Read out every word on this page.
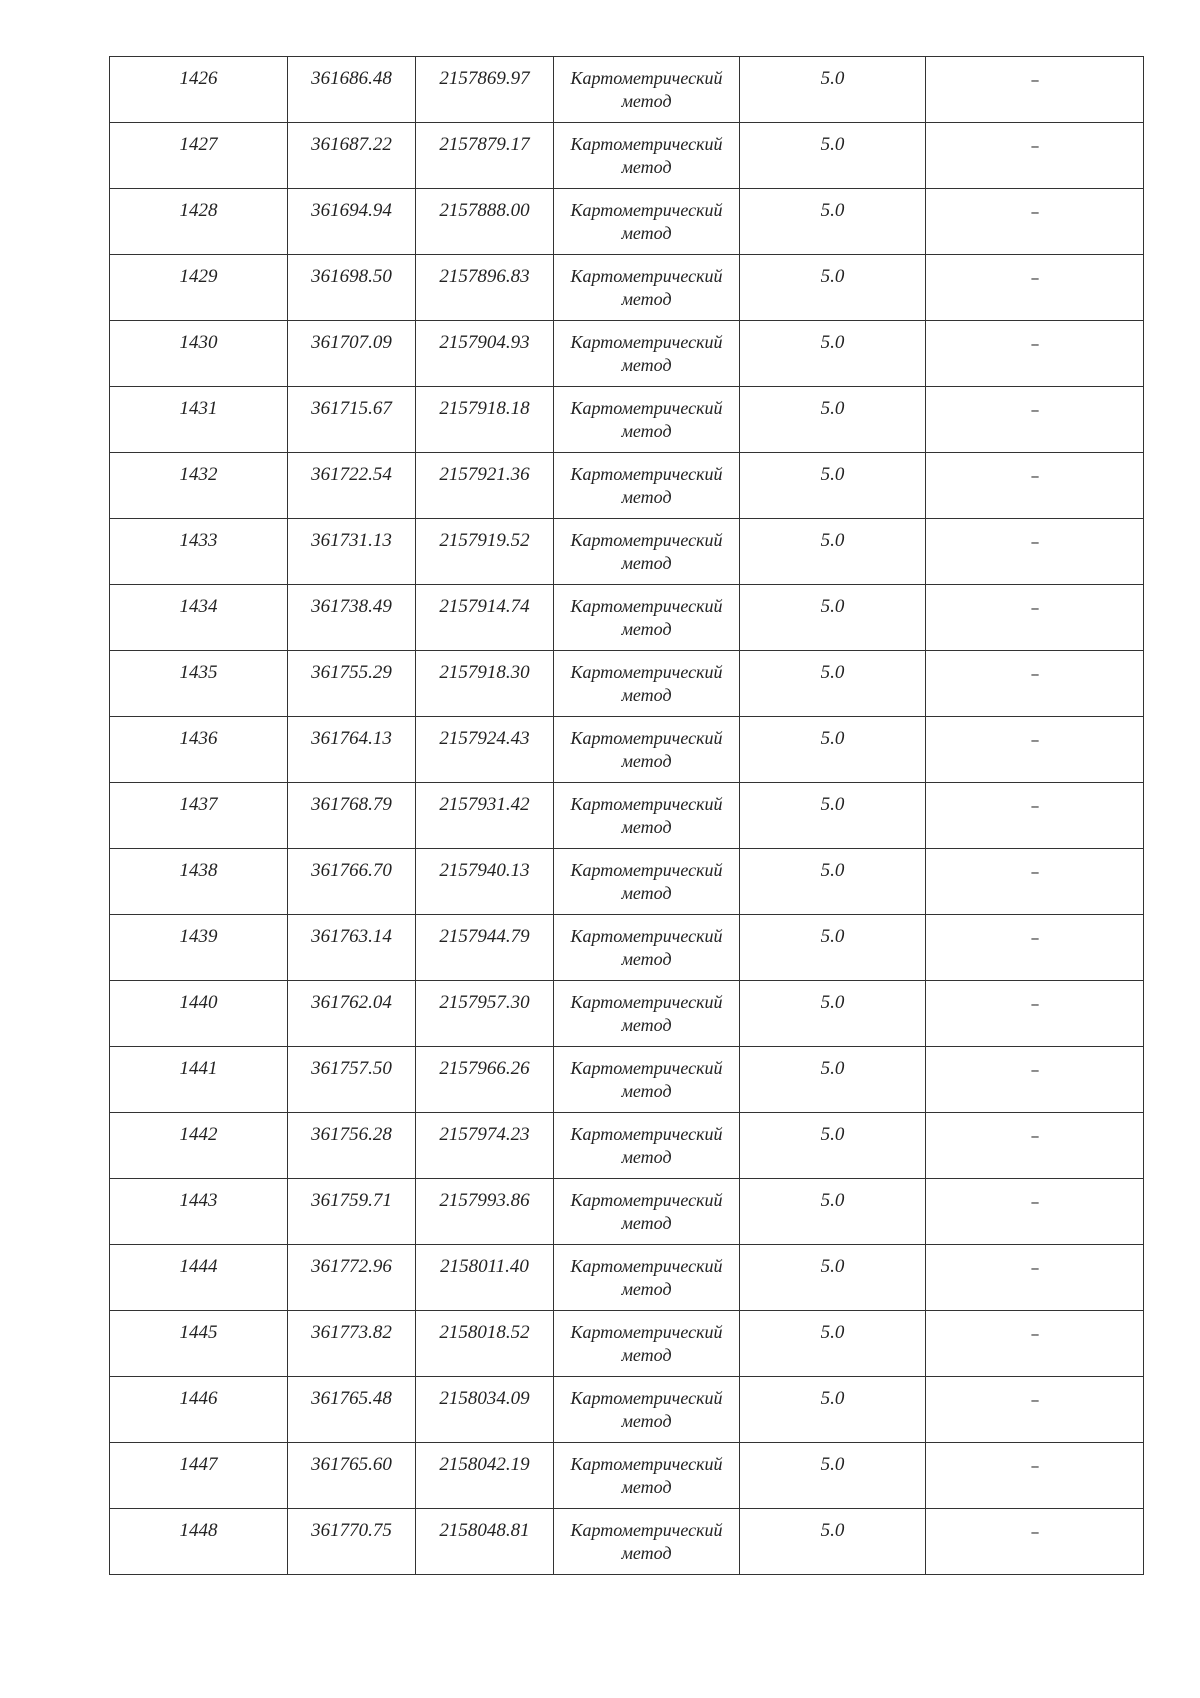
1426	361686.48	2157869.97	Картометрический
метод	5.0	--
1427	361687.22	2157879.17	Картометрический
метод	5.0	--
1428	361694.94	2157888.00	Картометрический
метод	5.0	--
1429	361698.50	2157896.83	Картометрический
метод	5.0	--
1430	361707.09	2157904.93	Картометрический
метод	5.0	--
1431	361715.67	2157918.18	Картометрический
метод	5.0	--
1432	361722.54	2157921.36	Картометрический
метод	5.0	--
1433	361731.13	2157919.52	Картометрический
метод	5.0	--
1434	361738.49	2157914.74	Картометрический
метод	5.0	--
1435	361755.29	2157918.30	Картометрический
метод	5.0	--
1436	361764.13	2157924.43	Картометрический
метод	5.0	--
1437	361768.79	2157931.42	Картометрический
метод	5.0	--
1438	361766.70	2157940.13	Картометрический
метод	5.0	--
1439	361763.14	2157944.79	Картометрический
метод	5.0	--
1440	361762.04	2157957.30	Картометрический
метод	5.0	--
1441	361757.50	2157966.26	Картометрический
метод	5.0	--
1442	361756.28	2157974.23	Картометрический
метод	5.0	--
1443	361759.71	2157993.86	Картометрический
метод	5.0	--
1444	361772.96	2158011.40	Картометрический
метод	5.0	--
1445	361773.82	2158018.52	Картометрический
метод	5.0	--
1446	361765.48	2158034.09	Картометрический
метод	5.0	--
1447	361765.60	2158042.19	Картометрический
метод	5.0	--
1448	361770.75	2158048.81	Картометрический
метод	5.0	--
